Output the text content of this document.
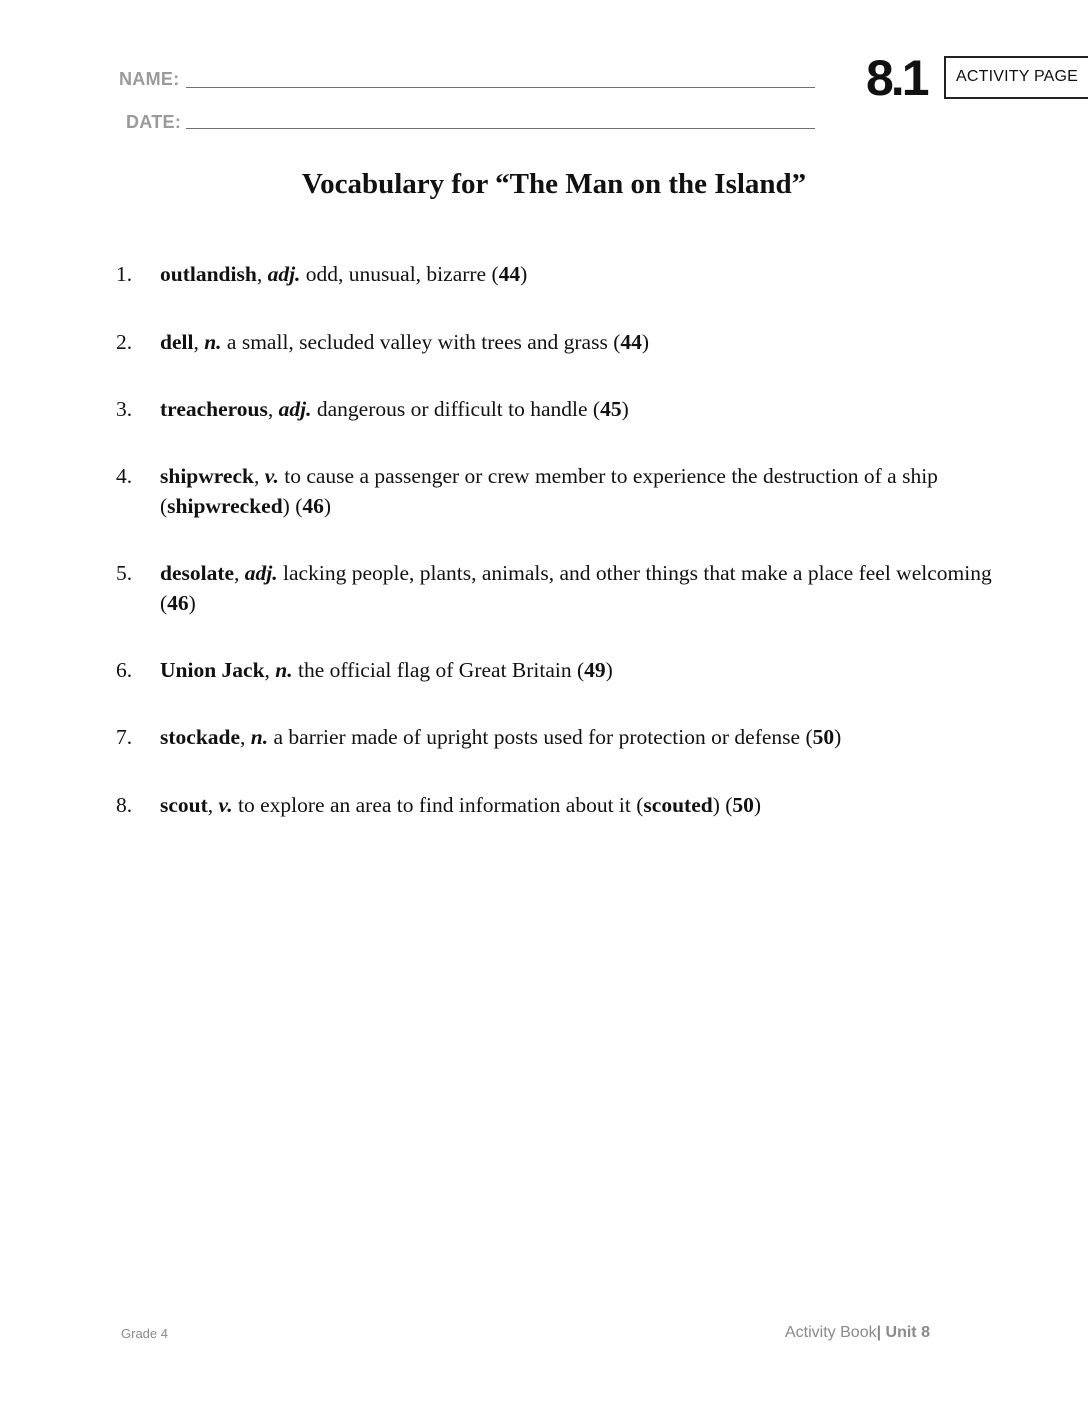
NAME:
DATE:
8.1 ACTIVITY PAGE
Vocabulary for “The Man on the Island”
1. outlandish, adj. odd, unusual, bizarre (44)
2. dell, n. a small, secluded valley with trees and grass (44)
3. treacherous, adj. dangerous or difficult to handle (45)
4. shipwreck, v. to cause a passenger or crew member to experience the destruction of a ship (shipwrecked) (46)
5. desolate, adj. lacking people, plants, animals, and other things that make a place feel welcoming (46)
6. Union Jack, n. the official flag of Great Britain (49)
7. stockade, n. a barrier made of upright posts used for protection or defense (50)
8. scout, v. to explore an area to find information about it (scouted) (50)
Grade 4	Activity Book| Unit 8
